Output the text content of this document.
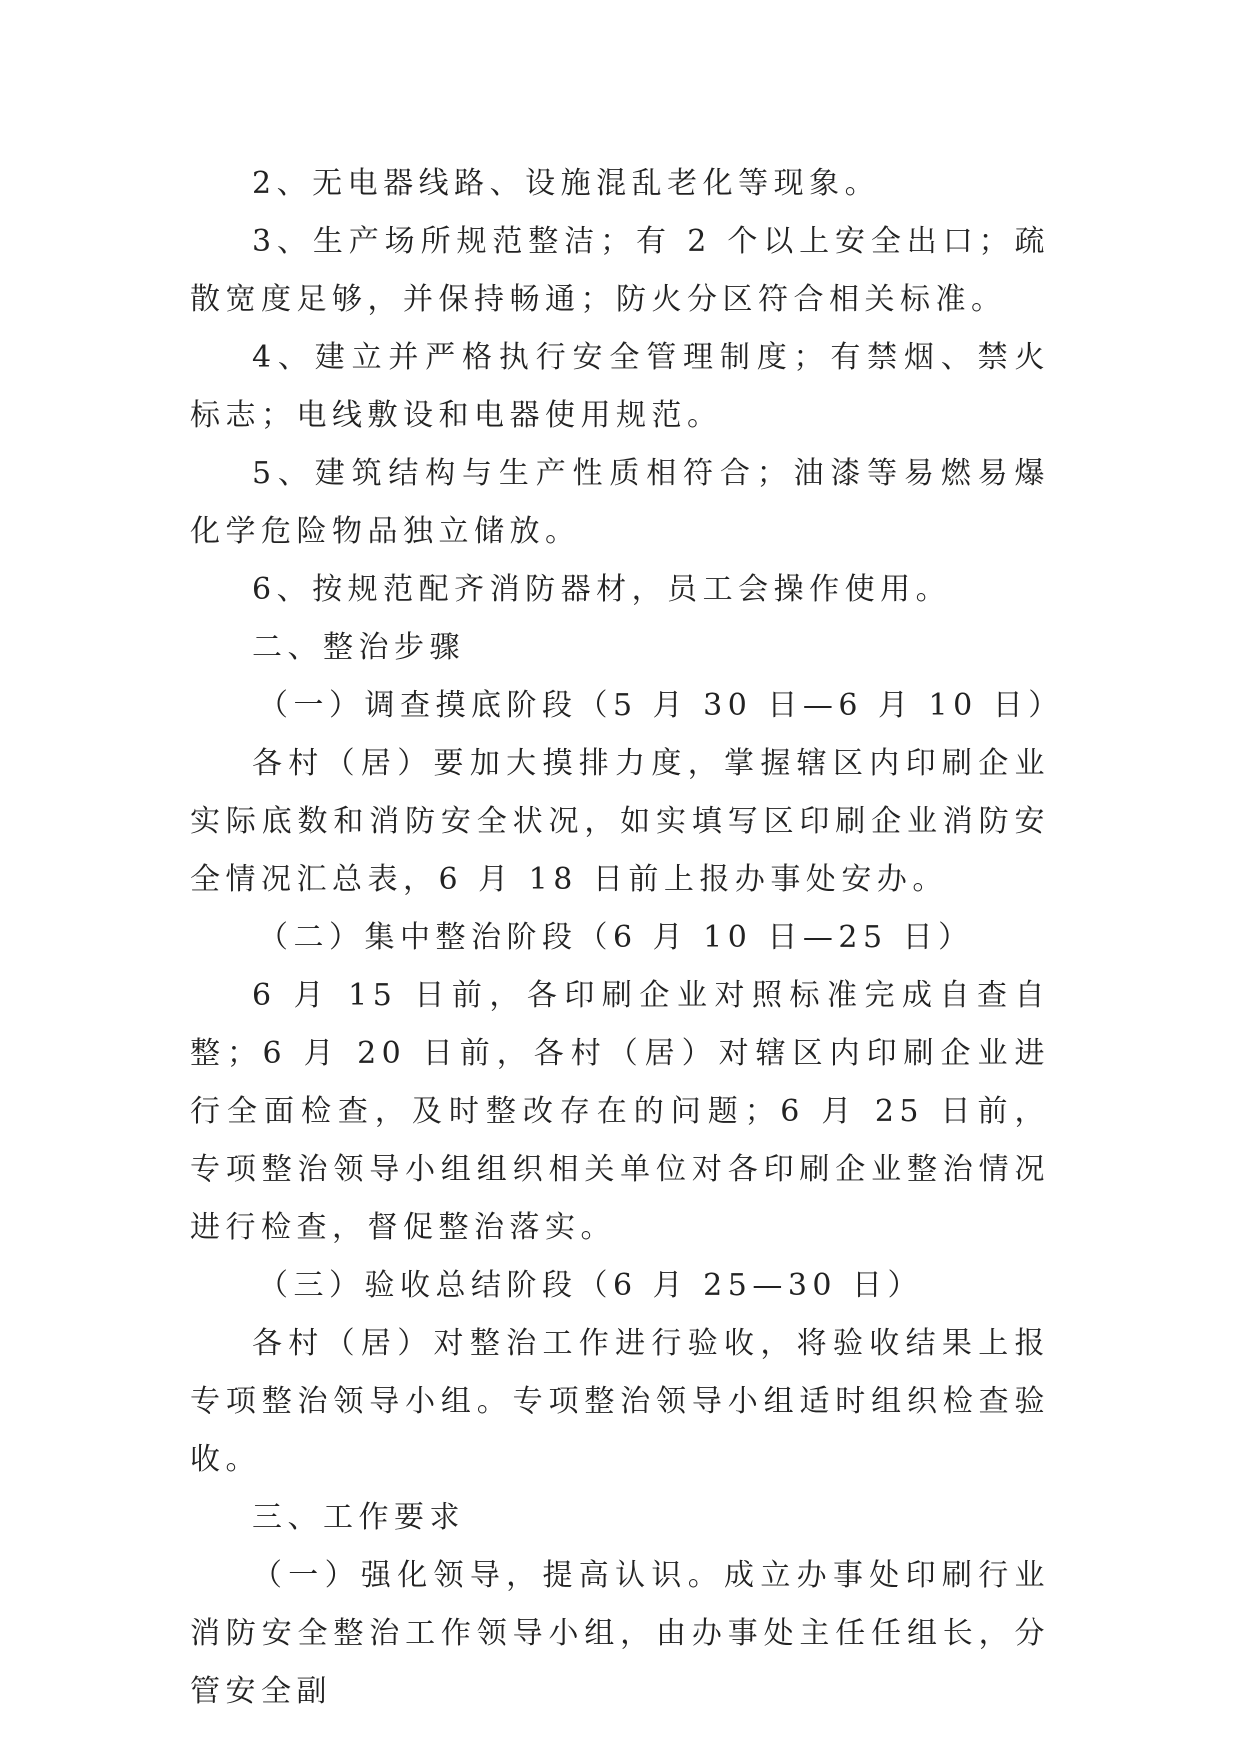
2、无电器线路、设施混乱老化等现象。

3、生产场所规范整洁；有 2 个以上安全出口；疏散宽度足够，并保持畅通；防火分区符合相关标准。

4、建立并严格执行安全管理制度；有禁烟、禁火标志；电线敷设和电器使用规范。

5、建筑结构与生产性质相符合；油漆等易燃易爆化学危险物品独立储放。

6、按规范配齐消防器材，员工会操作使用。

二、整治步骤

（一）调查摸底阶段（5 月 30 日—6 月 10 日）

各村（居）要加大摸排力度，掌握辖区内印刷企业实际底数和消防安全状况，如实填写区印刷企业消防安全情况汇总表，6 月 18 日前上报办事处安办。

（二）集中整治阶段（6 月 10 日—25 日）

6 月 15 日前，各印刷企业对照标准完成自查自整；6 月 20 日前，各村（居）对辖区内印刷企业进行全面检查，及时整改存在的问题；6 月 25 日前，专项整治领导小组组织相关单位对各印刷企业整治情况进行检查，督促整治落实。

（三）验收总结阶段（6 月 25—30 日）

各村（居）对整治工作进行验收，将验收结果上报专项整治领导小组。专项整治领导小组适时组织检查验收。

三、工作要求

（一）强化领导，提高认识。成立办事处印刷行业消防安全整治工作领导小组，由办事处主任任组长，分管安全副
